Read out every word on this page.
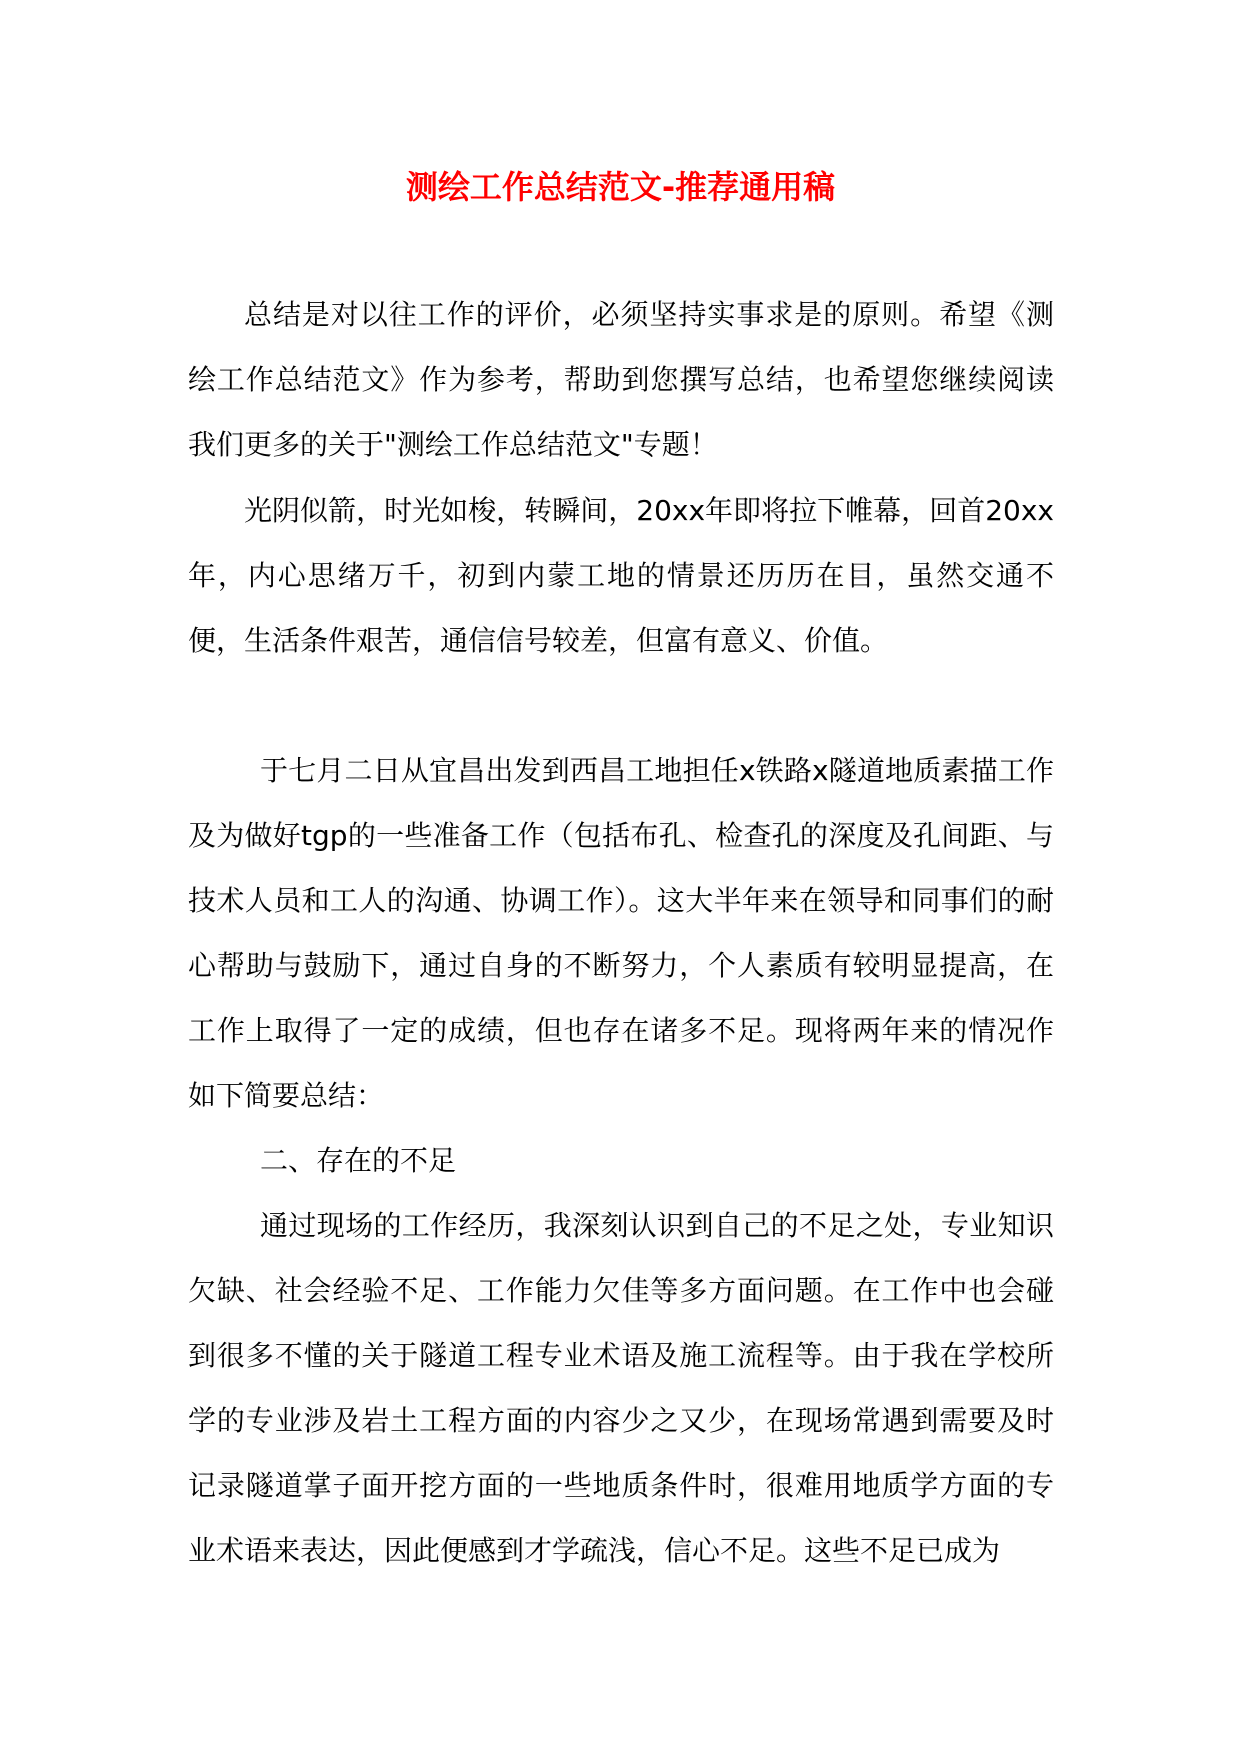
测绘工作总结范文-推荐通用稿

总结是对以往工作的评价，必须坚持实事求是的原则。希望《测绘工作总结范文》作为参考，帮助到您撰写总结，也希望您继续阅读我们更多的关于"测绘工作总结范文"专题！

光阴似箭，时光如梭，转瞬间，20xx年即将拉下帷幕，回首20xx年，内心思绪万千，初到内蒙工地的情景还历历在目，虽然交通不便，生活条件艰苦，通信信号较差，但富有意义、价值。

于七月二日从宜昌出发到西昌工地担任x铁路x隧道地质素描工作及为做好tgp的一些准备工作（包括布孔、检查孔的深度及孔间距、与技术人员和工人的沟通、协调工作）。这大半年来在领导和同事们的耐心帮助与鼓励下，通过自身的不断努力，个人素质有较明显提高，在工作上取得了一定的成绩，但也存在诸多不足。现将两年来的情况作如下简要总结：

二、存在的不足

通过现场的工作经历，我深刻认识到自己的不足之处，专业知识欠缺、社会经验不足、工作能力欠佳等多方面问题。在工作中也会碰到很多不懂的关于隧道工程专业术语及施工流程等。由于我在学校所学的专业涉及岩土工程方面的内容少之又少，在现场常遇到需要及时记录隧道掌子面开挖方面的一些地质条件时，很难用地质学方面的专业术语来表达，因此便感到才学疏浅，信心不足。这些不足已成为
